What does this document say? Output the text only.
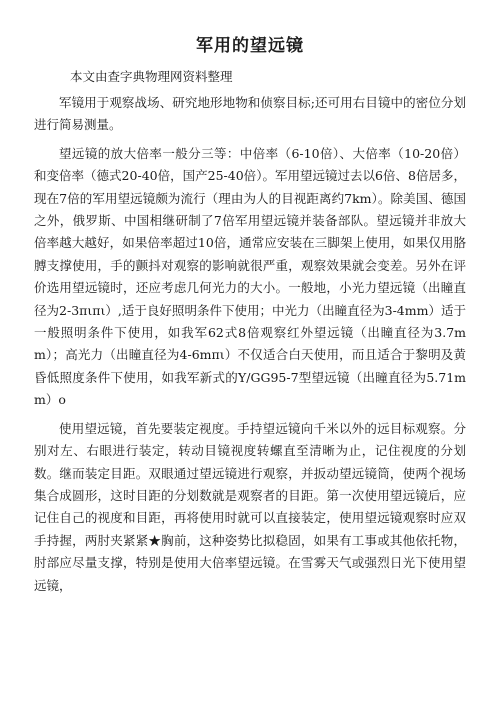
军用的望远镜
本文由查字典物理网资料整理

军镜用于观察战场、研究地形地物和侦察目标;还可用右目镜中的密位分划进行简易测量。

望远镜的放大倍率一般分三等：中倍率（6-10倍）、大倍率（10-20倍）和变倍率（德式20-40倍，国产25-40倍）。军用望远镜过去以6倍、8倍居多，现在7倍的军用望远镜颇为流行（理由为人的目视距离约7km）。除美国、德国之外，俄罗斯、中国相继研制了7倍军用望远镜并装备部队。望远镜并非放大倍率越大越好，如果倍率超过10倍，通常应安装在三脚架上使用，如果仅用胳膊支撑使用，手的颤抖对观察的影响就很严重，观察效果就会变差。另外在评价选用望远镜时，还应考虑几何光力的大小。一般地，小光力望远镜（出瞳直径为2-3πιπι）,适于良好照明条件下使用；中光力（出瞳直径为3-4mm）适于一般照明条件下使用，如我军62式8倍观察红外望远镜（出瞳直径为3.7mm）；高光力（出瞳直径为4-6mπι）不仅适合白天使用，而且适合于黎明及黄昏低照度条件下使用，如我军新式的Y/GG95-7型望远镜（出瞳直径为5.71mm）o

使用望远镜，首先要装定视度。手持望远镜向千米以外的远目标观察。分别对左、右眼进行装定，转动目镜视度转螺直至清晰为止，记住视度的分划数。继而装定目距。双眼通过望远镜进行观察，并扳动望远镜筒，使两个视场集合成圆形，这时目距的分划数就是观察者的目距。第一次使用望远镜后，应记住自己的视度和目距，再将使用时就可以直接装定，使用望远镜观察时应双手持握，两肘夹紧紧★胸前，这种姿势比拟稳固，如果有工事或其他依托物，肘部应尽量支撑，特别是使用大倍率望远镜。在雪雾天气或强烈日光下使用望远镜，
